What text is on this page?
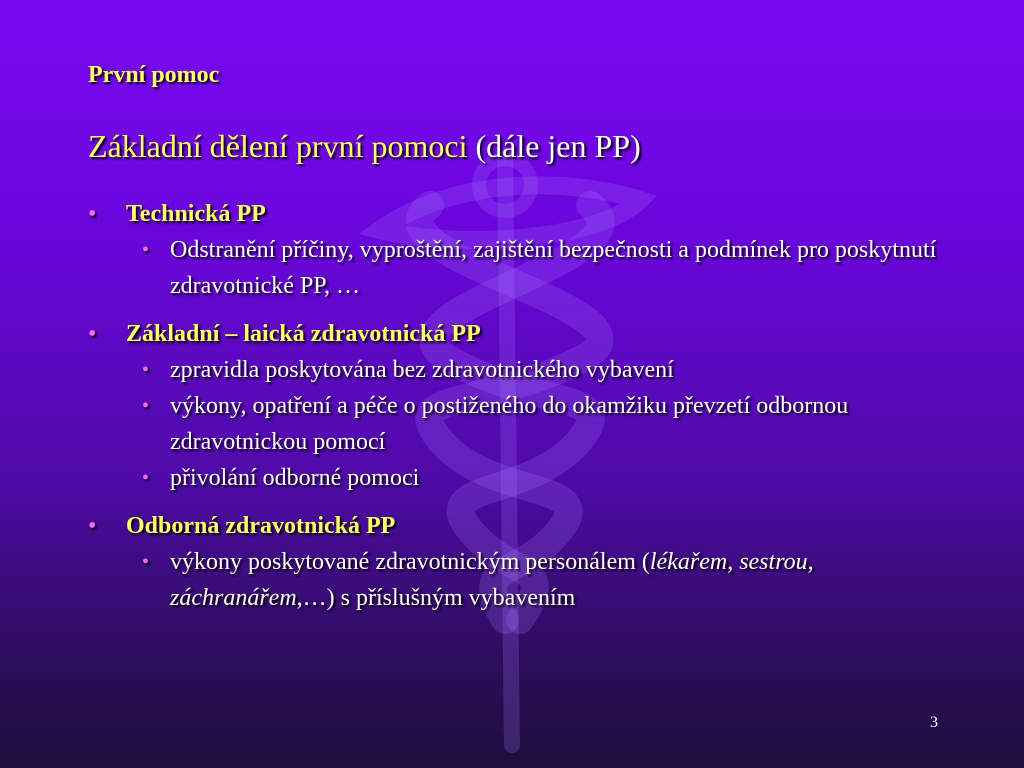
První pomoc
Základní dělení první pomoci (dále jen PP)
• Technická PP
• Odstranění příčiny, vyproštění, zajištění bezpečnosti a podmínek pro poskytnutí zdravotnické PP, …
• Základní – laická zdravotnická PP
• zpravidla poskytována bez zdravotnického vybavení
• výkony, opatření a péče o postiženého do okamžiku převzetí odbornou zdravotnickou pomocí
• přivolání odborné pomoci
• Odborná zdravotnická PP
• výkony poskytované zdravotnickým personálem (lékařem, sestrou, záchranářem,…) s příslušným vybavením
3
